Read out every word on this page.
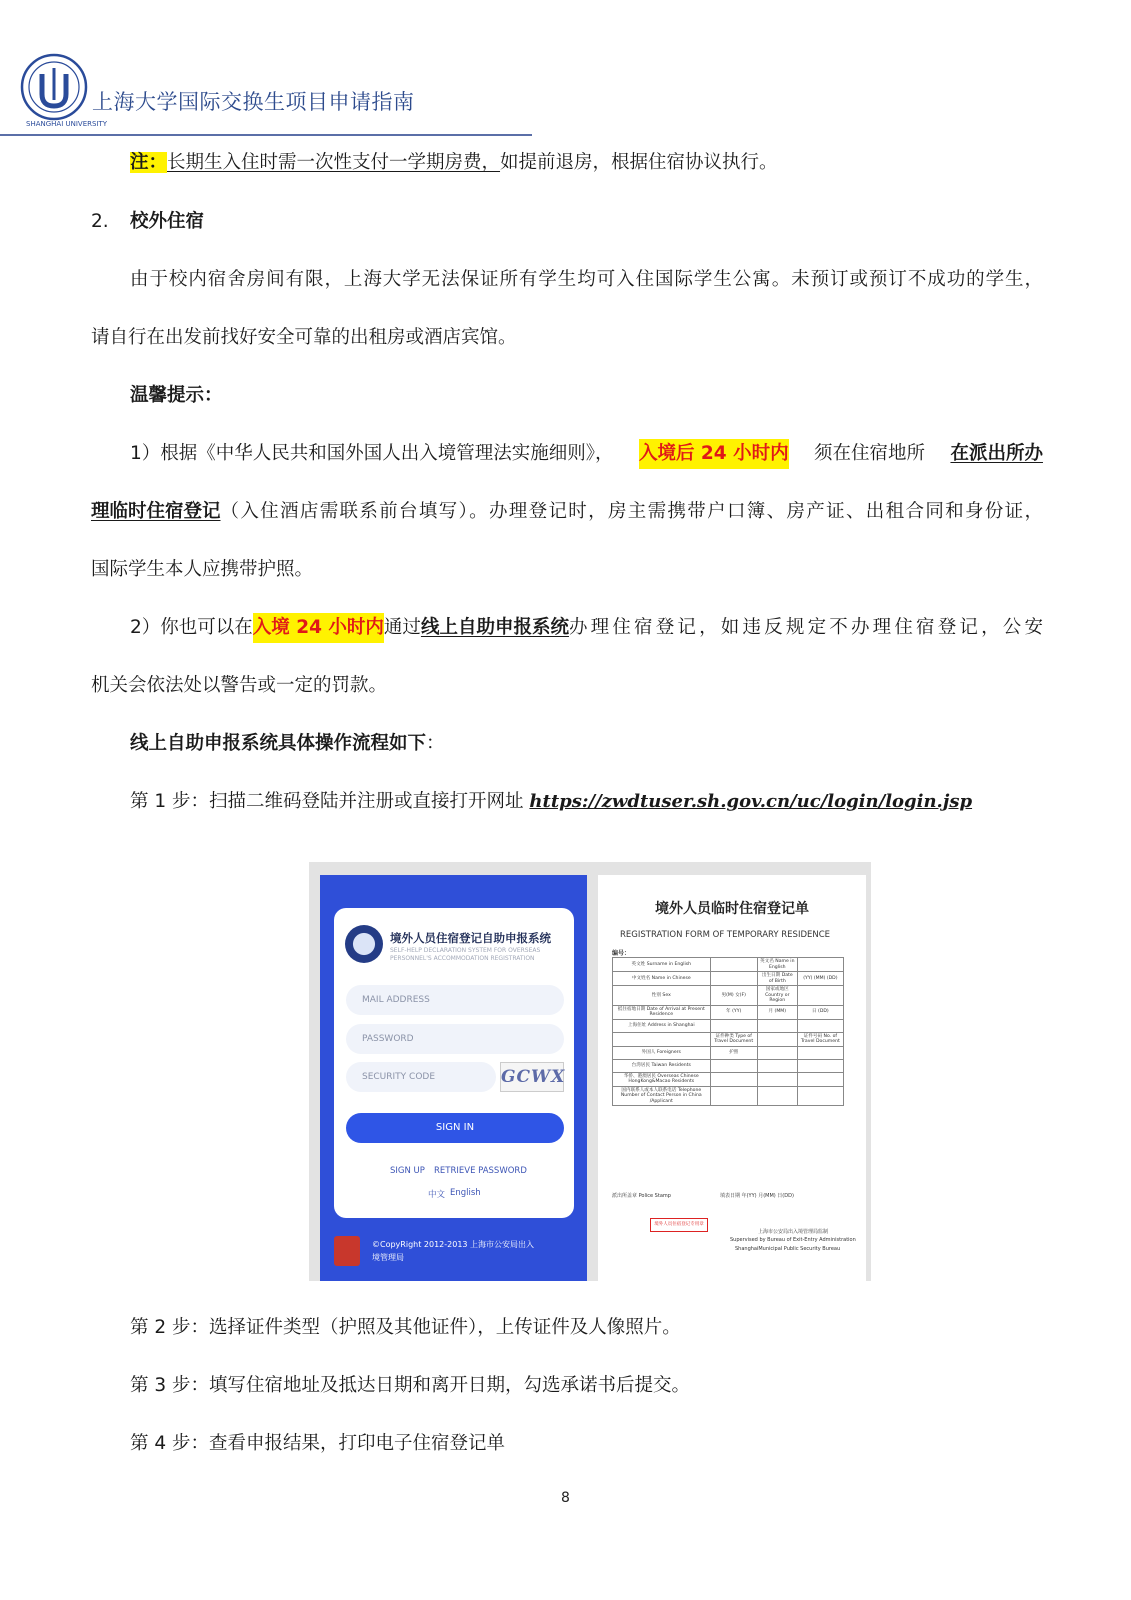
SHANGHAI UNIVERSITY
上海大学国际交换生项目申请指南
注：长期生入住时需一次性支付一学期房费，如提前退房，根据住宿协议执行。
2. 校外住宿
由于校内宿舍房间有限，上海大学无法保证所有学生均可入住国际学生公寓。未预订或预订不成功的学生，
请自行在出发前找好安全可靠的出租房或酒店宾馆。
温馨提示：
1）根据《中华人民共和国外国人出入境管理法实施细则》， 入境后 24 小时内 须在住宿地所 在派出所办
理临时住宿登记 （入住酒店需联系前台填写）。办理登记时，房主需携带户口簿、房产证、出租合同和身份证，
国际学生本人应携带护照。
2）你也可以在 入境 24 小时内 通过 线上自助申报系统 办理住宿登记，如违反规定不办理住宿登记，公安
机关会依法处以警告或一定的罚款。
线上自助申报系统具体操作流程如下：
第 1 步：扫描二维码登陆并注册或直接打开网址 https://zwdtuser.sh.gov.cn/uc/login/login.jsp
境外人员住宿登记自助申报系统
SELF-HELP DECLARATION SYSTEM FOR OVERSEAS PERSONNEL'S ACCOMMODATION REGISTRATION
MAIL ADDRESS
PASSWORD
SECURITY CODE	GCWX
SIGN IN
SIGN UP RETRIEVE PASSWORD
中文 English
©CopyRight 2012-2013 上海市公安局出入境管理局
境外人员临时住宿登记单
REGISTRATION FORM OF TEMPORARY RESIDENCE
编号：
英文姓 Surname in English		英文名 Name in English	
中文姓名 Name in Chinese		出生日期 Date of Birth	(YY) (MM) (DD)
性别 Sex	男(M) 女(F)	国家或地区 Country or Region	
抵住宿地日期 Date of Arrival at Present Residence	年 (YY)	月 (MM)	日 (DD)
上海住址 Address in Shanghai			
	证件种类 Type of Travel Document		证件号码 No. of Travel Document
外国人 Foreigners	护照		
台湾居民 Taiwan Residents			
华侨、港澳居民 Overseas Chinese HongKong&Macao Residents			
国内联系人或本人联系电话 Telephone Number of Contact Person in China /Applicant			
派出所盖章 Police Stamp	填表日期 年(YY) 月(MM) 日(DD)
境外人员住宿登记专用章
上海市公安局出入境管理局监制
Supervised by Bureau of Exit-Entry Administration
ShanghaiMunicipal Public Security Bureau
第 2 步：选择证件类型（护照及其他证件），上传证件及人像照片。
第 3 步：填写住宿地址及抵达日期和离开日期，勾选承诺书后提交。
第 4 步：查看申报结果，打印电子住宿登记单
8
